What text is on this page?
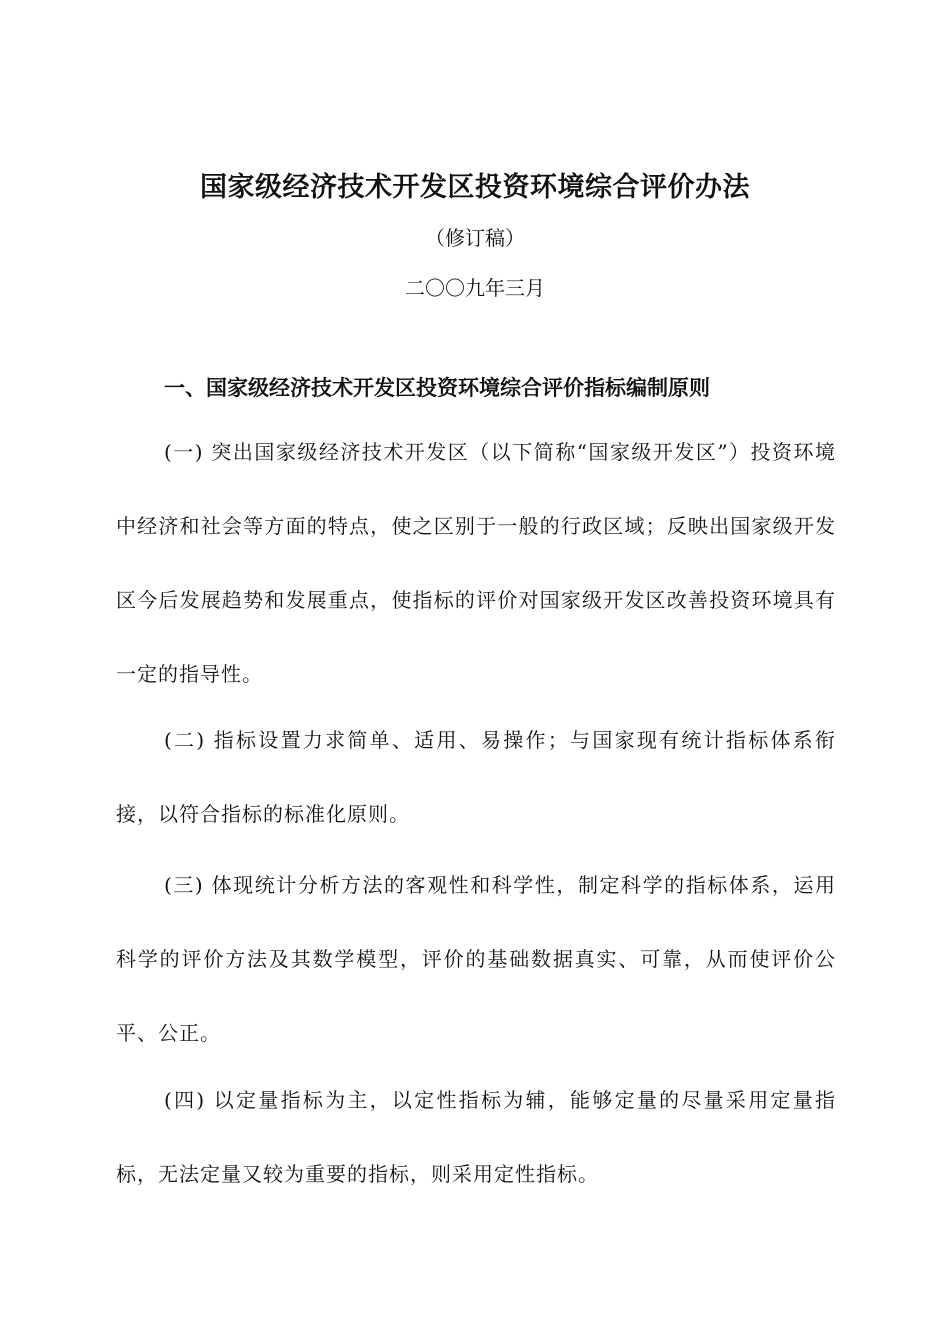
国家级经济技术开发区投资环境综合评价办法
（修订稿）
二〇〇九年三月
一、国家级经济技术开发区投资环境综合评价指标编制原则
(一) 突出国家级经济技术开发区（以下简称“国家级开发区”）投资环境中经济和社会等方面的特点，使之区别于一般的行政区域；反映出国家级开发区今后发展趋势和发展重点，使指标的评价对国家级开发区改善投资环境具有一定的指导性。
(二) 指标设置力求简单、适用、易操作；与国家现有统计指标体系衔接，以符合指标的标准化原则。
(三) 体现统计分析方法的客观性和科学性，制定科学的指标体系，运用科学的评价方法及其数学模型，评价的基础数据真实、可靠，从而使评价公平、公正。
(四) 以定量指标为主，以定性指标为辅，能够定量的尽量采用定量指标，无法定量又较为重要的指标，则采用定性指标。
